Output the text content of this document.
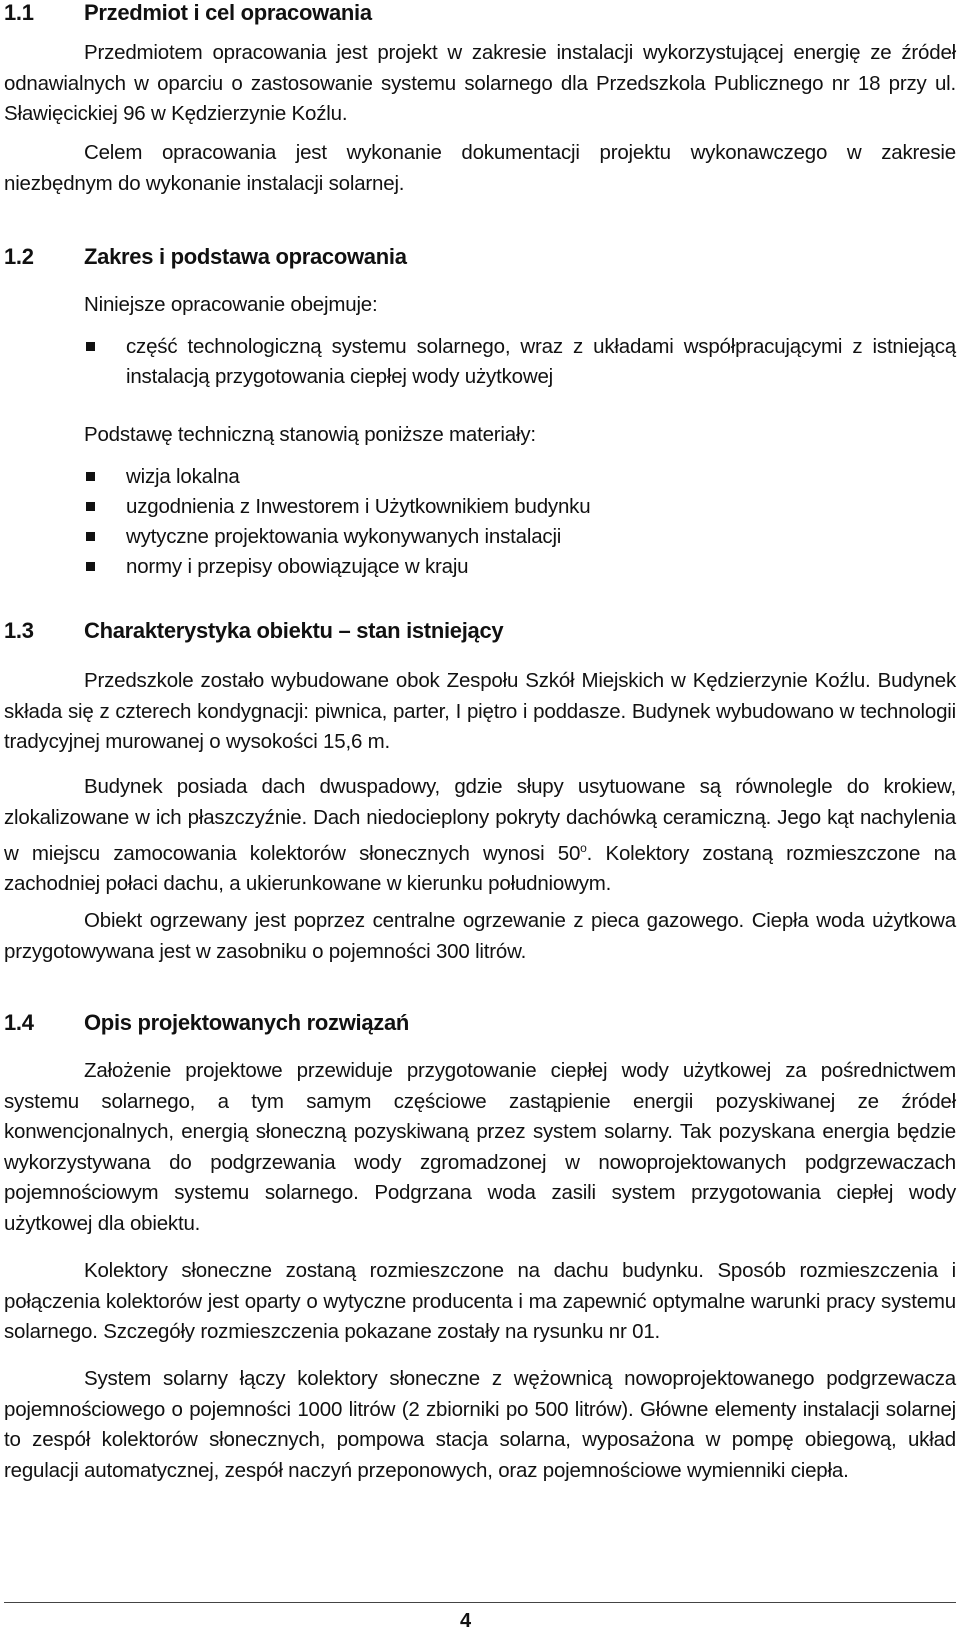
1.1 Przedmiot i cel opracowania

Przedmiotem opracowania jest projekt w zakresie instalacji wykorzystującej energię ze źródeł odnawialnych w oparciu o zastosowanie systemu solarnego dla Przedszkola Publicznego nr 18 przy ul. Sławięcickiej 96 w Kędzierzynie Koźlu.

Celem opracowania jest wykonanie dokumentacji projektu wykonawczego w zakresie niezbędnym do wykonanie instalacji solarnej.

1.2 Zakres i podstawa opracowania

Niniejsze opracowanie obejmuje:

część technologiczną systemu solarnego, wraz z układami współpracującymi z istniejącą instalacją przygotowania ciepłej wody użytkowej

Podstawę techniczną stanowią poniższe materiały:

wizja lokalna
uzgodnienia z Inwestorem i Użytkownikiem budynku
wytyczne projektowania wykonywanych instalacji
normy i przepisy obowiązujące w kraju
1.3 Charakterystyka obiektu – stan istniejący

Przedszkole zostało wybudowane obok Zespołu Szkół Miejskich w Kędzierzynie Koźlu. Budynek składa się z czterech kondygnacji: piwnica, parter, I piętro i poddasze. Budynek wybudowano w technologii tradycyjnej murowanej o wysokości 15,6 m.

Budynek posiada dach dwuspadowy, gdzie słupy usytuowane są równolegle do krokiew, zlokalizowane w ich płaszczyźnie. Dach niedocieplony pokryty dachówką ceramiczną. Jego kąt nachylenia w miejscu zamocowania kolektorów słonecznych wynosi 50$^o$. Kolektory zostaną rozmieszczone na zachodniej połaci dachu, a ukierunkowane w kierunku południowym.

Obiekt ogrzewany jest poprzez centralne ogrzewanie z pieca gazowego. Ciepła woda użytkowa przygotowywana jest w zasobniku o pojemności 300 litrów.

1.4 Opis projektowanych rozwiązań

Założenie projektowe przewiduje przygotowanie ciepłej wody użytkowej za pośrednictwem systemu solarnego, a tym samym częściowe zastąpienie energii pozyskiwanej ze źródeł konwencjonalnych, energią słoneczną pozyskiwaną przez system solarny. Tak pozyskana energia będzie wykorzystywana do podgrzewania wody zgromadzonej w nowoprojektowanych podgrzewaczach pojemnościowym systemu solarnego. Podgrzana woda zasili system przygotowania ciepłej wody użytkowej dla obiektu.

Kolektory słoneczne zostaną rozmieszczone na dachu budynku. Sposób rozmieszczenia i połączenia kolektorów jest oparty o wytyczne producenta i ma zapewnić optymalne warunki pracy systemu solarnego. Szczegóły rozmieszczenia pokazane zostały na rysunku nr 01.

System solarny łączy kolektory słoneczne z wężownicą nowoprojektowanego podgrzewacza pojemnościowego o pojemności 1000 litrów (2 zbiorniki po 500 litrów). Główne elementy instalacji solarnej to zespół kolektorów słonecznych, pompowa stacja solarna, wyposażona w pompę obiegową, układ regulacji automatycznej, zespół naczyń przeponowych, oraz pojemnościowe wymienniki ciepła.

4
